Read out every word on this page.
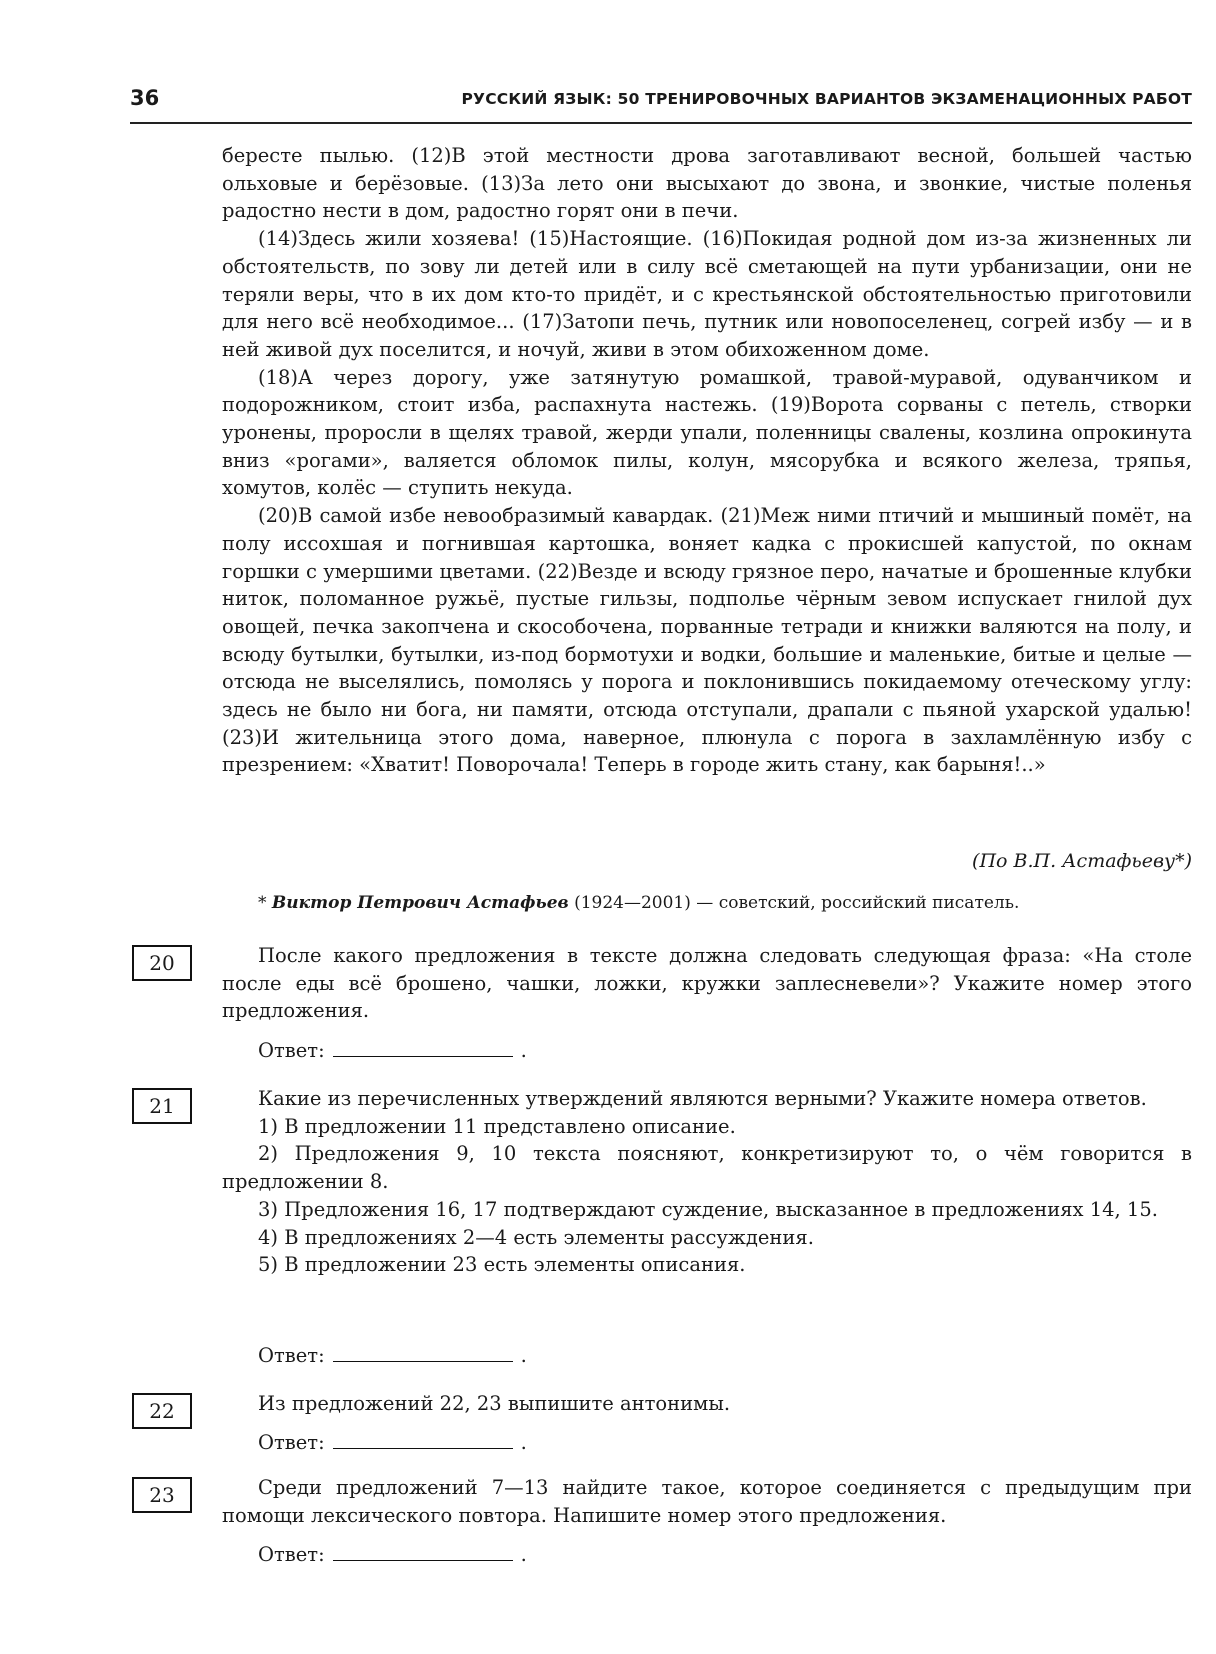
36	РУССКИЙ ЯЗЫК: 50 ТРЕНИРОВОЧНЫХ ВАРИАНТОВ ЭКЗАМЕНАЦИОННЫХ РАБОТ

бересте пылью. (12)В этой местности дрова заготавливают весной, большей частью ольховые и берёзовые. (13)За лето они высыхают до звона, и звонкие, чистые поленья радостно нести в дом, радостно горят они в печи.

(14)Здесь жили хозяева! (15)Настоящие. (16)Покидая родной дом из-за жизненных ли обстоятельств, по зову ли детей или в силу всё сметающей на пути урбанизации, они не теряли веры, что в их дом кто-то придёт, и с крестьянской обстоятельностью приготовили для него всё необходимое... (17)Затопи печь, путник или новопоселенец, согрей избу — и в ней живой дух поселится, и ночуй, живи в этом обихоженном доме.

(18)А через дорогу, уже затянутую ромашкой, травой-муравой, одуванчиком и подорожником, стоит изба, распахнута настежь. (19)Ворота сорваны с петель, створки уронены, проросли в щелях травой, жерди упали, поленницы свалены, козлина опрокинута вниз «рогами», валяется обломок пилы, колун, мясорубка и всякого железа, тряпья, хомутов, колёс — ступить некуда.

(20)В самой избе невообразимый кавардак. (21)Меж ними птичий и мышиный помёт, на полу иссохшая и погнившая картошка, воняет кадка с прокисшей капустой, по окнам горшки с умершими цветами. (22)Везде и всюду грязное перо, начатые и брошенные клубки ниток, поломанное ружьё, пустые гильзы, подполье чёрным зевом испускает гнилой дух овощей, печка закопчена и скособочена, порванные тетради и книжки валяются на полу, и всюду бутылки, бутылки, из-под бормотухи и водки, большие и маленькие, битые и целые — отсюда не выселялись, помолясь у порога и поклонившись покидаемому отеческому углу: здесь не было ни бога, ни памяти, отсюда отступали, драпали с пьяной ухарской удалью! (23)И жительница этого дома, наверное, плюнула с порога в захламлённую избу с презрением: «Хватит! Поворочала! Теперь в городе жить стану, как барыня!..»

(По В.П. Астафьеву*)
* Виктор Петрович Астафьев (1924—2001) — советский, российский писатель.
20	После какого предложения в тексте должна следовать следующая фраза: «На столе после еды всё брошено, чашки, ложки, кружки заплесневели»? Укажите номер этого предложения.

Ответ:	.
21	Какие из перечисленных утверждений являются верными? Укажите номера ответов.

1) В предложении 11 представлено описание.

2) Предложения 9, 10 текста поясняют, конкретизируют то, о чём говорится в предложении 8.

3) Предложения 16, 17 подтверждают суждение, высказанное в предложениях 14, 15.

4) В предложениях 2—4 есть элементы рассуждения.

5) В предложении 23 есть элементы описания.

Ответ:	.
22	Из предложений 22, 23 выпишите антонимы.

Ответ:	.
23	Среди предложений 7—13 найдите такое, которое соединяется с предыдущим при помощи лексического повтора. Напишите номер этого предложения.

Ответ:	.
